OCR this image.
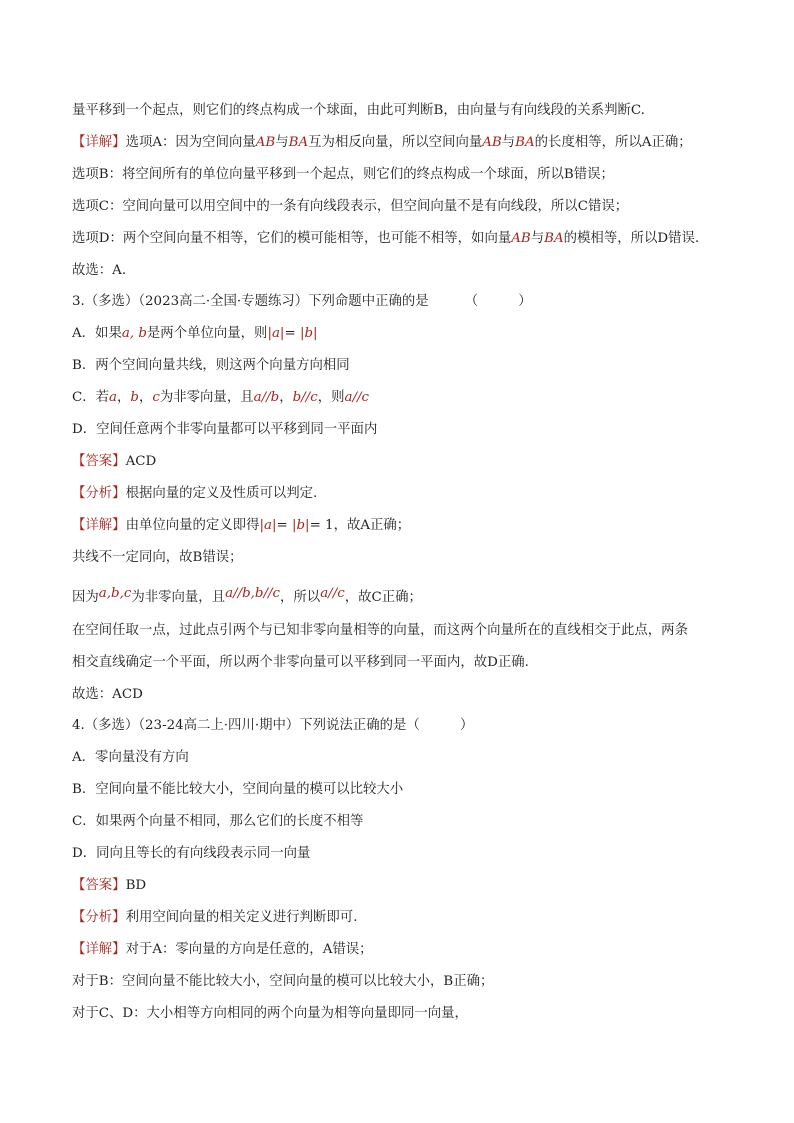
量平移到一个起点，则它们的终点构成一个球面，由此可判断B，由向量与有向线段的关系判断C.
【详解】选项A：因为空间向量AB与BA互为相反向量，所以空间向量AB与BA的长度相等，所以A正确；
选项B：将空间所有的单位向量平移到一个起点，则它们的终点构成一个球面，所以B错误；
选项C：空间向量可以用空间中的一条有向线段表示，但空间向量不是有向线段，所以C错误；
选项D：两个空间向量不相等，它们的模可能相等，也可能不相等，如向量AB与BA的模相等，所以D错误.
故选：A.
3.（多选）（2023高二·全国·专题练习）下列命题中正确的是	（　　　）
A．如果a, b是两个单位向量，则|a|= |b|
B．两个空间向量共线，则这两个向量方向相同
C．若a，b，c为非零向量，且a//b，b//c，则a//c
D．空间任意两个非零向量都可以平移到同一平面内
【答案】ACD
【分析】根据向量的定义及性质可以判定.
【详解】由单位向量的定义即得|a|= |b|= 1，故A正确；
共线不一定同向，故B错误；
因为a,b,c为非零向量，且a//b,b//c，所以a//c，故C正确；
在空间任取一点，过此点引两个与已知非零向量相等的向量，而这两个向量所在的直线相交于此点，两条
相交直线确定一个平面，所以两个非零向量可以平移到同一平面内，故D正确.
故选：ACD
4.（多选）（23-24高二上·四川·期中）下列说法正确的是（　　　）
A．零向量没有方向
B．空间向量不能比较大小，空间向量的模可以比较大小
C．如果两个向量不相同，那么它们的长度不相等
D．同向且等长的有向线段表示同一向量
【答案】BD
【分析】利用空间向量的相关定义进行判断即可.
【详解】对于A：零向量的方向是任意的，A错误；
对于B：空间向量不能比较大小，空间向量的模可以比较大小，B正确；
对于C、D：大小相等方向相同的两个向量为相等向量即同一向量，
